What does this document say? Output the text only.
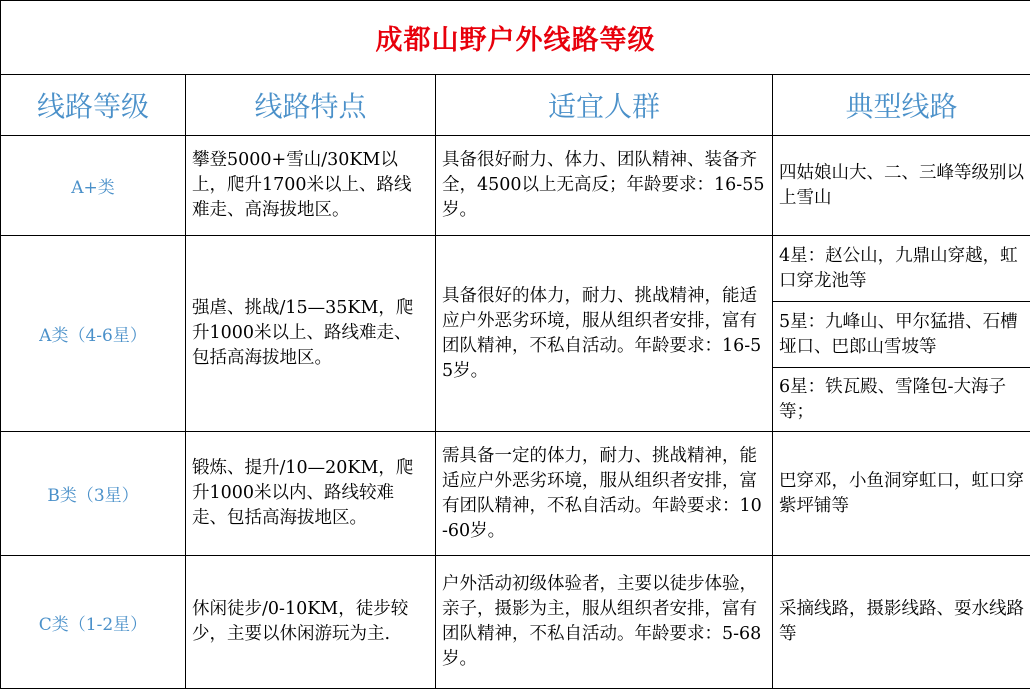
成都山野户外线路等级			
线路等级	线路特点	适宜人群	典型线路
A+类	攀登5000+雪山/30KM以上，爬升1700米以上、路线难走、高海拔地区。	具备很好耐力、体力、团队精神、装备齐全，4500以上无高反；年龄要求：16-55岁。	四姑娘山大、二、三峰等级别以上雪山
A类（4-6星）	强虐、挑战/15—35KM，爬升1000米以上、路线难走、包括高海拔地区。	具备很好的体力，耐力、挑战精神，能适应户外恶劣环境，服从组织者安排，富有团队精神，不私自活动。年龄要求：16-55岁。	4星：赵公山，九鼎山穿越，虹口穿龙池等
			5星：九峰山、甲尔猛措、石槽垭口、巴郎山雪坡等
			6星：铁瓦殿、雪隆包-大海子等；
B类（3星）	锻炼、提升/10—20KM，爬升1000米以内、路线较难走、包括高海拔地区。	需具备一定的体力，耐力、挑战精神，能适应户外恶劣环境，服从组织者安排，富有团队精神，不私自活动。年龄要求：10-60岁。	巴穿邓，小鱼洞穿虹口，虹口穿紫坪铺等
C类（1-2星）	休闲徒步/0-10KM，徒步较少，主要以休闲游玩为主.	户外活动初级体验者，主要以徒步体验，亲子，摄影为主，服从组织者安排，富有团队精神，不私自活动。年龄要求：5-68岁。	采摘线路，摄影线路、耍水线路等
